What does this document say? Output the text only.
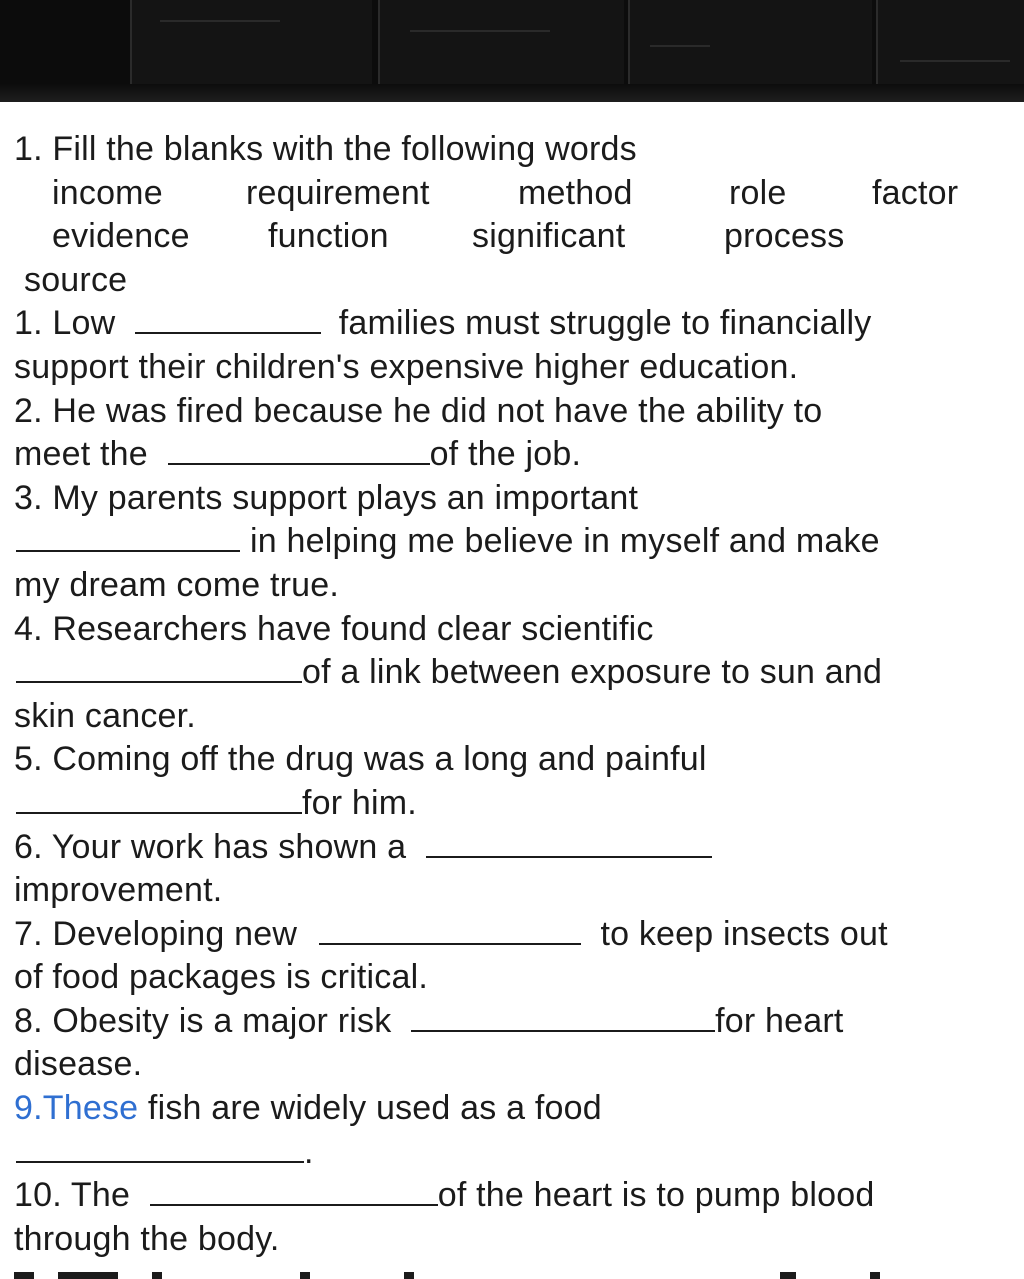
1. Fill the blanks with the following words
income	requirement	method	role	factor
evidence	function	significant	process
source
1. Low	families must struggle to financially
support their children's expensive higher education.
2. He was fired because he did not have the ability to
meet the	of the job.
3. My parents support plays an important
in helping me believe in myself and make
my dream come true.
4. Researchers have found clear scientific
of a link between exposure to sun and
skin cancer.
5. Coming off the drug was a long and painful
for him.
6. Your work has shown a
improvement.
7. Developing new	to keep insects out
of food packages is critical.
8. Obesity is a major risk	for heart
disease.
9.These fish are widely used as a food
.
10. The	of the heart is to pump blood
through the body.
